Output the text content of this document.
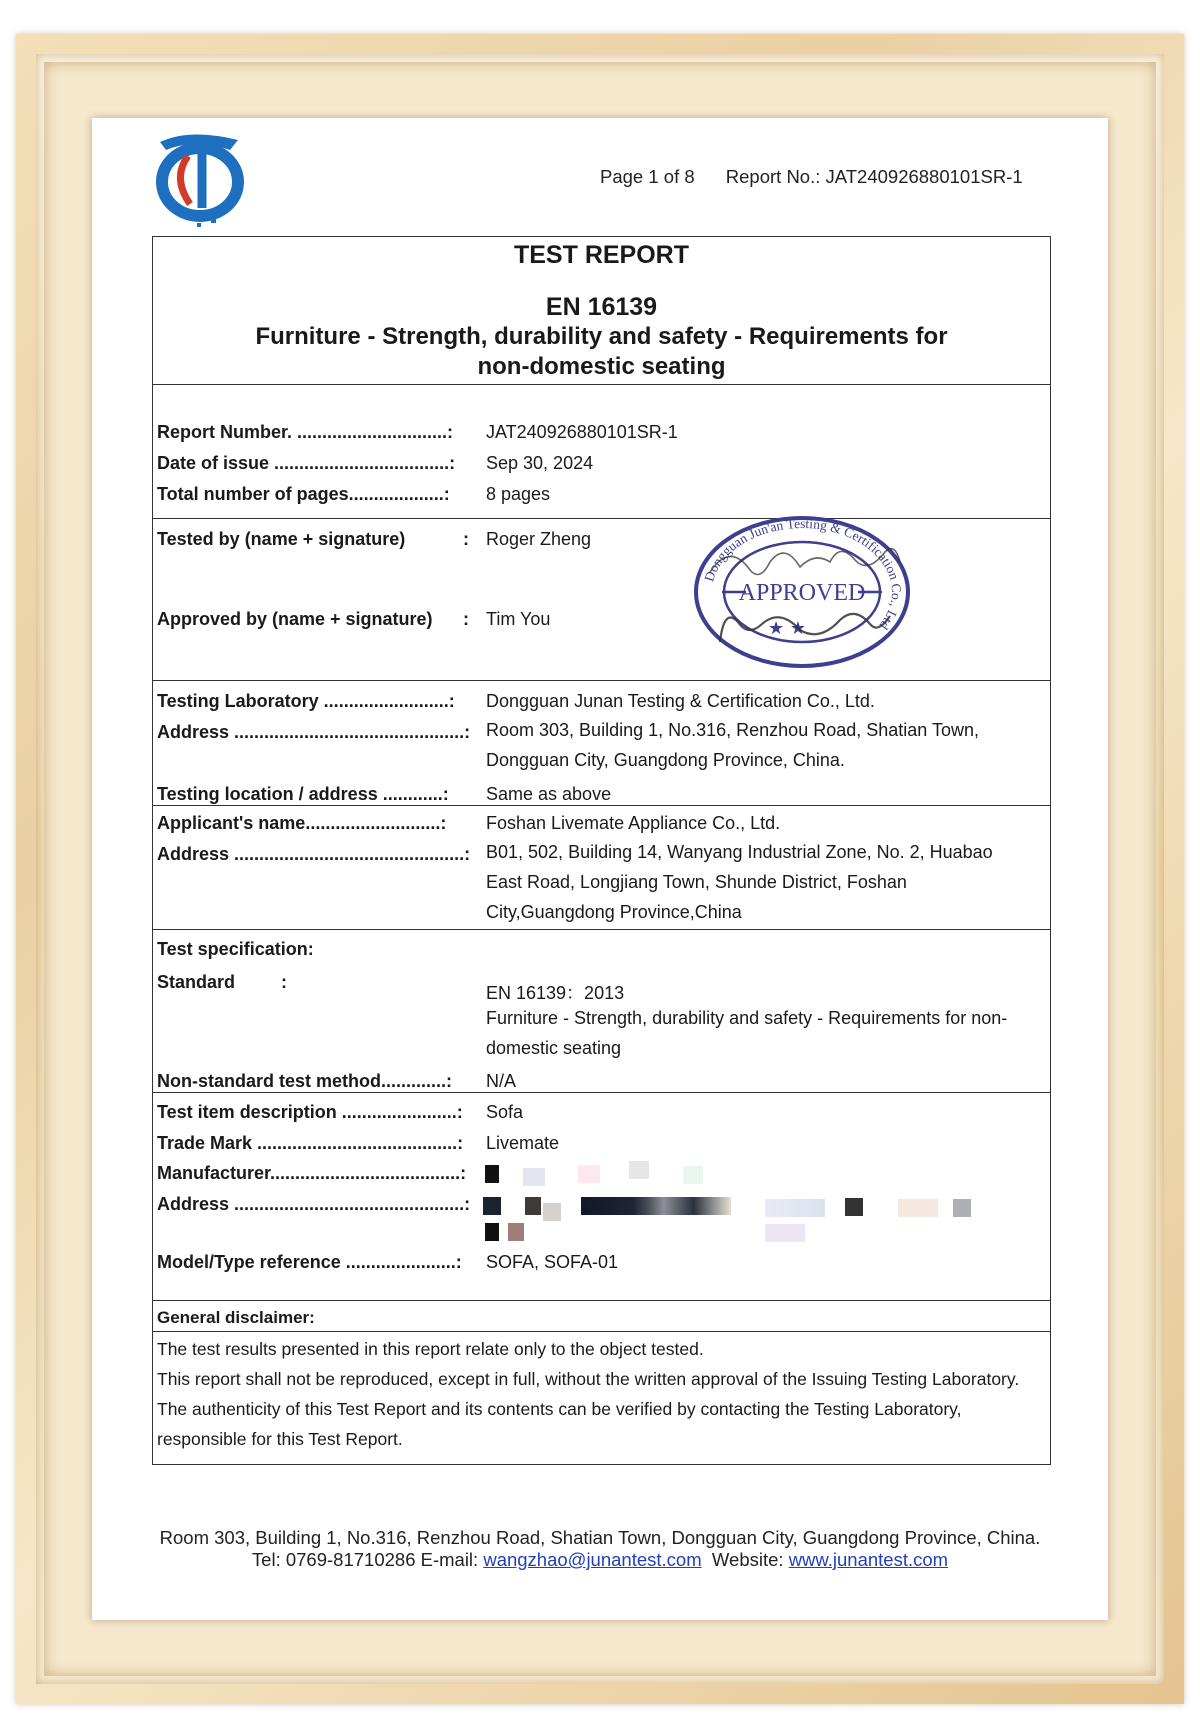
Page 1 of 8 Report No.: JAT240926880101SR-1
TEST REPORT
EN 16139
Furniture - Strength, durability and safety - Requirements for
non-domestic seating
Report Number. ..............................: JAT240926880101SR-1
Date of issue ...................................: Sep 30, 2024
Total number of pages...................: 8 pages
Tested by (name + signature)	: Roger Zheng
Approved by (name + signature) : Tim You
Testing Laboratory .........................: Dongguan Junan Testing & Certification Co., Ltd.
Address ..............................................: Room 303, Building 1, No.316, Renzhou Road, Shatian Town, Dongguan City, Guangdong Province, China.
Testing location / address ............: Same as above
Applicant's name...........................: Foshan Livemate Appliance Co., Ltd.
Address ..............................................: B01, 502, Building 14, Wanyang Industrial Zone, No. 2, Huabao East Road, Longjiang Town, Shunde District, Foshan City,Guangdong Province,China
Test specification:
Standard	:
EN 16139：2013
Furniture - Strength, durability and safety - Requirements for non-domestic seating
Non-standard test method.............: N/A
Test item description .......................: Sofa
Trade Mark ........................................: Livemate
Manufacturer......................................:
Address ..............................................:
Model/Type reference ......................: SOFA, SOFA-01
General disclaimer:
The test results presented in this report relate only to the object tested.
This report shall not be reproduced, except in full, without the written approval of the Issuing Testing Laboratory. The authenticity of this Test Report and its contents can be verified by contacting the Testing Laboratory, responsible for this Test Report.
Dongguan Jun'an Testing & Certification Co., Ltd
APPROVED
★ ★
Room 303, Building 1, No.316, Renzhou Road, Shatian Town, Dongguan City, Guangdong Province, China.
Tel: 0769-81710286 E-mail: wangzhao@junantest.com Website: www.junantest.com
